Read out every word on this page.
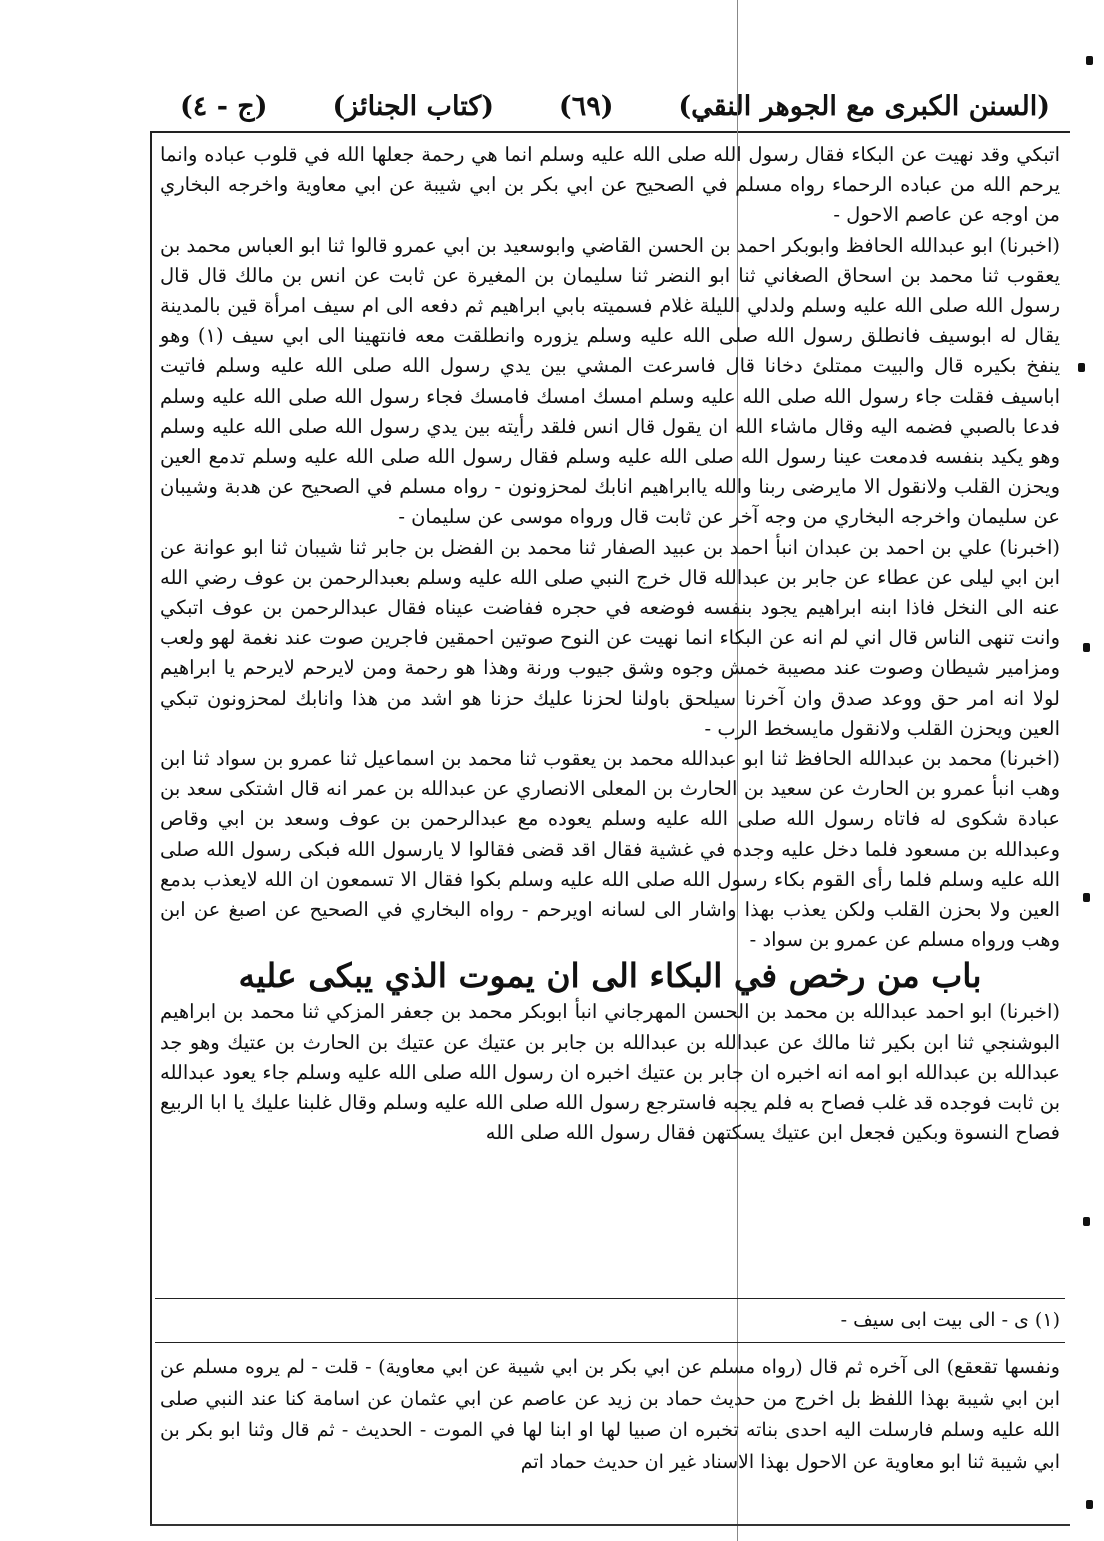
(السنن الكبرى مع الجوهر النقي)
(٦٩)
(كتاب الجنائز)
(ج - ٤)

اتبكي وقد نهيت عن البكاء فقال رسول الله صلى الله عليه وسلم انما هي رحمة جعلها الله في قلوب عباده وانما يرحم الله من عباده الرحماء رواه مسلم في الصحيح عن ابي بكر بن ابي شيبة عن ابي معاوية واخرجه البخاري من اوجه عن عاصم الاحول -

(اخبرنا) ابو عبدالله الحافظ وابوبكر احمد بن الحسن القاضي وابوسعيد بن ابي عمرو قالوا ثنا ابو العباس محمد بن يعقوب ثنا محمد بن اسحاق الصغاني ثنا ابو النضر ثنا سليمان بن المغيرة عن ثابت عن انس بن مالك قال قال رسول الله صلى الله عليه وسلم ولدلي الليلة غلام فسميته بابي ابراهيم ثم دفعه الى ام سيف امرأة قين بالمدينة يقال له ابوسيف فانطلق رسول الله صلى الله عليه وسلم يزوره وانطلقت معه فانتهينا الى ابي سيف (١) وهو ينفخ بكيره قال والبيت ممتلئ دخانا قال فاسرعت المشي بين يدي رسول الله صلى الله عليه وسلم فاتيت اباسيف فقلت جاء رسول الله صلى الله عليه وسلم امسك امسك فامسك فجاء رسول الله صلى الله عليه وسلم فدعا بالصبي فضمه اليه وقال ماشاء الله ان يقول قال انس فلقد رأيته بين يدي رسول الله صلى الله عليه وسلم وهو يكيد بنفسه فدمعت عينا رسول الله صلى الله عليه وسلم فقال رسول الله صلى الله عليه وسلم تدمع العين ويحزن القلب ولانقول الا مايرضى ربنا والله ياابراهيم انابك لمحزونون - رواه مسلم في الصحيح عن هدبة وشيبان عن سليمان واخرجه البخاري من وجه آخر عن ثابت قال ورواه موسى عن سليمان -

(اخبرنا) علي بن احمد بن عبدان انبأ احمد بن عبيد الصفار ثنا محمد بن الفضل بن جابر ثنا شيبان ثنا ابو عوانة عن ابن ابي ليلى عن عطاء عن جابر بن عبدالله قال خرج النبي صلى الله عليه وسلم بعبدالرحمن بن عوف رضي الله عنه الى النخل فاذا ابنه ابراهيم يجود بنفسه فوضعه في حجره ففاضت عيناه فقال عبدالرحمن بن عوف اتبكي وانت تنهى الناس قال اني لم انه عن البكاء انما نهيت عن النوح صوتين احمقين فاجرين صوت عند نغمة لهو ولعب ومزامير شيطان وصوت عند مصيبة خمش وجوه وشق جيوب ورنة وهذا هو رحمة ومن لايرحم لايرحم يا ابراهيم لولا انه امر حق ووعد صدق وان آخرنا سيلحق باولنا لحزنا عليك حزنا هو اشد من هذا وانابك لمحزونون تبكي العين ويحزن القلب ولانقول مايسخط الرب -

(اخبرنا) محمد بن عبدالله الحافظ ثنا ابو عبدالله محمد بن يعقوب ثنا محمد بن اسماعيل ثنا عمرو بن سواد ثنا ابن وهب انبأ عمرو بن الحارث عن سعيد بن الحارث بن المعلى الانصاري عن عبدالله بن عمر انه قال اشتكى سعد بن عبادة شكوى له فاتاه رسول الله صلى الله عليه وسلم يعوده مع عبدالرحمن بن عوف وسعد بن ابي وقاص وعبدالله بن مسعود فلما دخل عليه وجده في غشية فقال اقد قضى فقالوا لا يارسول الله فبكى رسول الله صلى الله عليه وسلم فلما رأى القوم بكاء رسول الله صلى الله عليه وسلم بكوا فقال الا تسمعون ان الله لايعذب بدمع العين ولا بحزن القلب ولكن يعذب بهذا واشار الى لسانه اويرحم - رواه البخاري في الصحيح عن اصبغ عن ابن وهب ورواه مسلم عن عمرو بن سواد -

باب من رخص في البكاء الى ان يموت الذي يبكى عليه

(اخبرنا) ابو احمد عبدالله بن محمد بن الحسن المهرجاني انبأ ابوبكر محمد بن جعفر المزكي ثنا محمد بن ابراهيم البوشنجي ثنا ابن بكير ثنا مالك عن عبدالله بن عبدالله بن جابر بن عتيك عن عتيك بن الحارث بن عتيك وهو جد عبدالله بن عبدالله ابو امه انه اخبره ان جابر بن عتيك اخبره ان رسول الله صلى الله عليه وسلم جاء يعود عبدالله بن ثابت فوجده قد غلب فصاح به فلم يجبه فاسترجع رسول الله صلى الله عليه وسلم وقال غلبنا عليك يا ابا الربيع فصاح النسوة وبكين فجعل ابن عتيك يسكتهن فقال رسول الله صلى الله

(١) ى - الى بيت ابى سيف -

ونفسها تقعقع) الى آخره ثم قال (رواه مسلم عن ابي بكر بن ابي شيبة عن ابي معاوية) - قلت - لم يروه مسلم عن ابن ابي شيبة بهذا اللفظ بل اخرج من حديث حماد بن زيد عن عاصم عن ابي عثمان عن اسامة كنا عند النبي صلى الله عليه وسلم فارسلت اليه احدى بناته تخبره ان صبيا لها او ابنا لها في الموت - الحديث - ثم قال وثنا ابو بكر بن ابي شيبة ثنا ابو معاوية عن الاحول بهذا الاسناد غير ان حديث حماد اتم
